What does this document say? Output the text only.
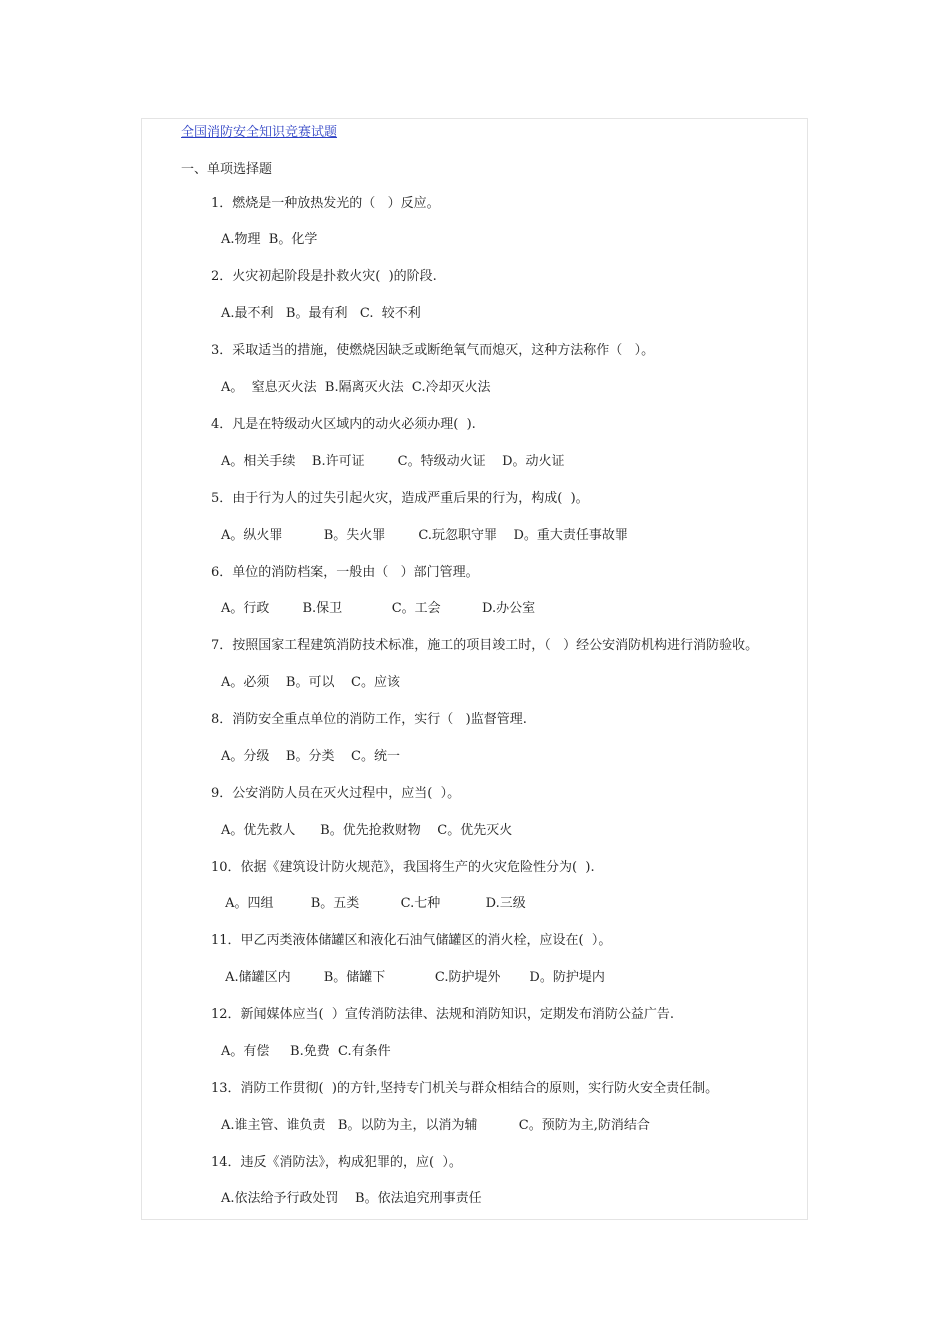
全国消防安全知识竞赛试题
一、单项选择题
1．燃烧是一种放热发光的（   ）反应。
A.物理  B。化学
2．火灾初起阶段是扑救火灾(  )的阶段.
A.最不利   B。最有利   C.  较不利
3．采取适当的措施，使燃烧因缺乏或断绝氧气而熄灭，这种方法称作（   ）。
A。  窒息灭火法  B.隔离灭火法  C.冷却灭火法
4．凡是在特级动火区域内的动火必须办理(  ).
A。相关手续    B.许可证        C。特级动火证    D。动火证
5．由于行为人的过失引起火灾，造成严重后果的行为，构成(  )。
A。纵火罪          B。失火罪        C.玩忽职守罪    D。重大责任事故罪
6．单位的消防档案，一般由（   ）部门管理。
A。行政        B.保卫            C。工会          D.办公室
7．按照国家工程建筑消防技术标准，施工的项目竣工时，（   ）经公安消防机构进行消防验收。
A。必须    B。可以    C。应该
8．消防安全重点单位的消防工作，实行（   )监督管理.
A。分级    B。分类    C。统一
9．公安消防人员在灭火过程中，应当(  ）。
A。优先救人      B。优先抢救财物    C。优先灭火
10．依据《建筑设计防火规范》，我国将生产的火灾危险性分为(  ).
A。四组         B。五类          C.七种           D.三级
11．甲乙丙类液体储罐区和液化石油气储罐区的消火栓，应设在(  ）。
A.储罐区内        B。储罐下            C.防护堤外       D。防护堤内
12．新闻媒体应当(  ）宣传消防法律、法规和消防知识，定期发布消防公益广告.
A。有偿     B.免费  C.有条件
13．消防工作贯彻(  )的方针,坚持专门机关与群众相结合的原则，实行防火安全责任制。
A.谁主管、谁负责   B。以防为主，以消为辅          C。预防为主,防消结合
14．违反《消防法》，构成犯罪的，应(  ）。
A.依法给予行政处罚    B。依法追究刑事责任
